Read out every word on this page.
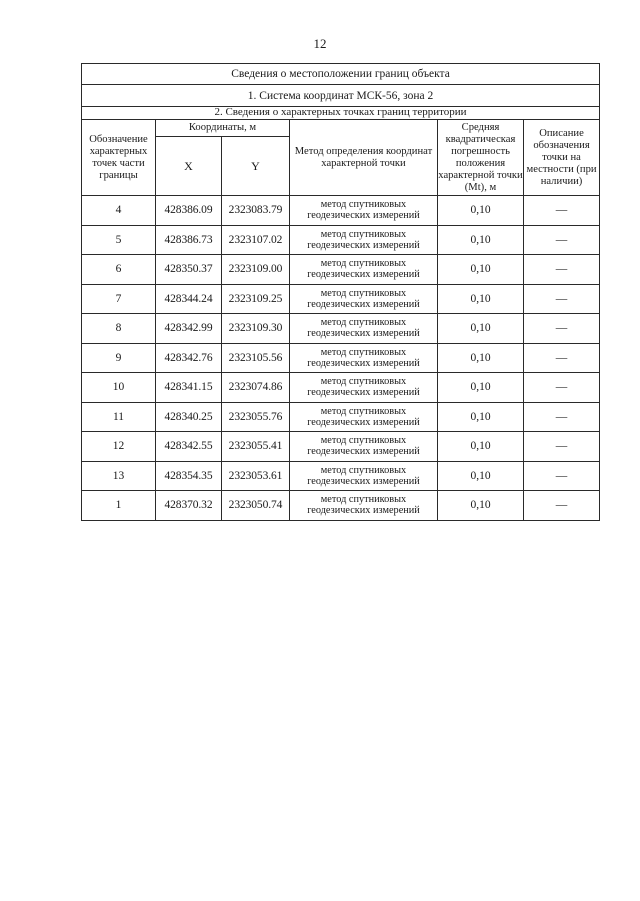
12
Сведения о местоположении границ объекта					
1. Система координат МСК-56, зона 2					
2. Сведения о характерных точках границ территории					
Обозначение характерных точек части границы	Координаты, м		Метод определения координат характерной точки	Средняя квадратическая погрешность положения характерной точки (Mt), м	Описание обозначения точки на местности (при наличии)
	X	Y			
4	428386.09	2323083.79	метод спутниковых геодезических измерений	0,10	—
5	428386.73	2323107.02	метод спутниковых геодезических измерений	0,10	—
6	428350.37	2323109.00	метод спутниковых геодезических измерений	0,10	—
7	428344.24	2323109.25	метод спутниковых геодезических измерений	0,10	—
8	428342.99	2323109.30	метод спутниковых геодезических измерений	0,10	—
9	428342.76	2323105.56	метод спутниковых геодезических измерений	0,10	—
10	428341.15	2323074.86	метод спутниковых геодезических измерений	0,10	—
11	428340.25	2323055.76	метод спутниковых геодезических измерений	0,10	—
12	428342.55	2323055.41	метод спутниковых геодезических измерений	0,10	—
13	428354.35	2323053.61	метод спутниковых геодезических измерений	0,10	—
1	428370.32	2323050.74	метод спутниковых геодезических измерений	0,10	—
